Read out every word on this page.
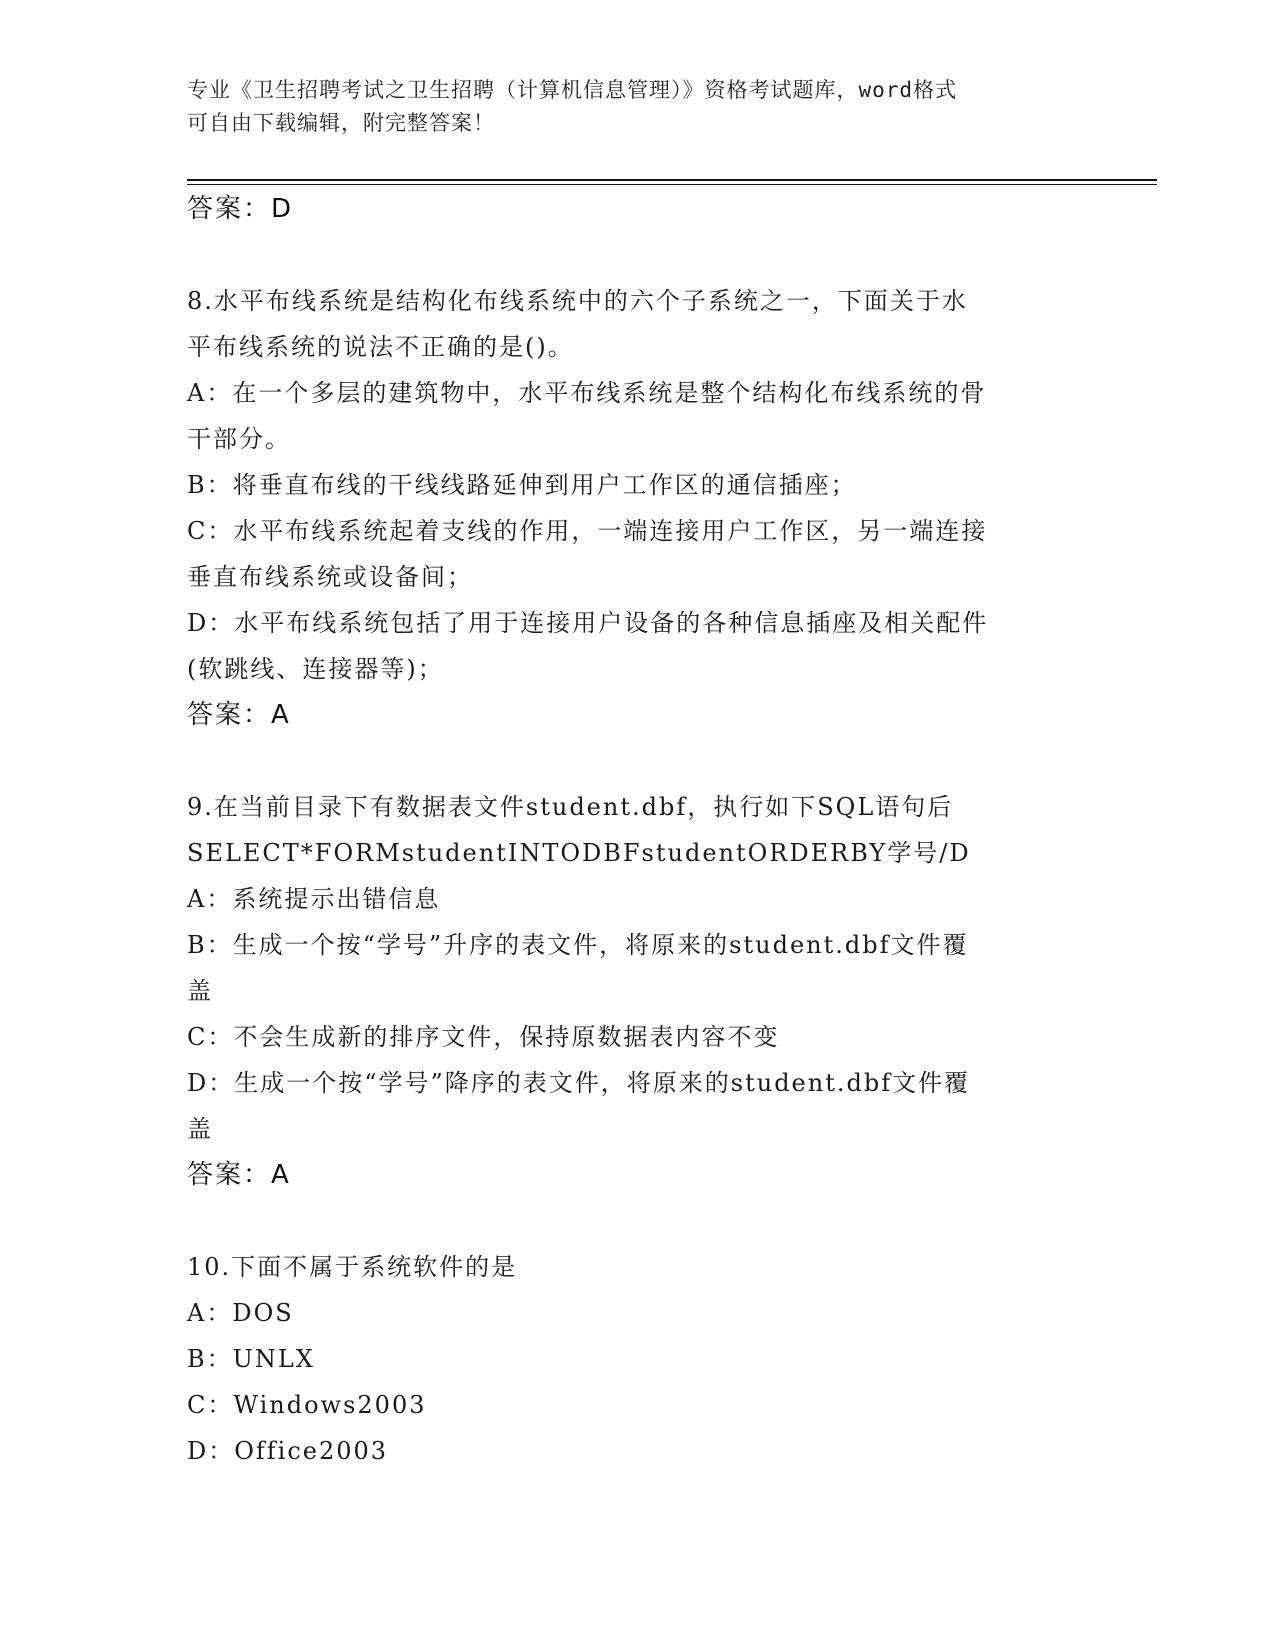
专业《卫生招聘考试之卫生招聘（计算机信息管理）》资格考试题库，word格式
可自由下载编辑，附完整答案！
答案：D
8.水平布线系统是结构化布线系统中的六个子系统之一，下面关于水
平布线系统的说法不正确的是()。
A：在一个多层的建筑物中，水平布线系统是整个结构化布线系统的骨
干部分。
B：将垂直布线的干线线路延伸到用户工作区的通信插座；
C：水平布线系统起着支线的作用，一端连接用户工作区，另一端连接
垂直布线系统或设备间；
D：水平布线系统包括了用于连接用户设备的各种信息插座及相关配件
(软跳线、连接器等)；
答案：A
9.在当前目录下有数据表文件student.dbf，执行如下SQL语句后
SELECT*FORMstudentINTODBFstudentORDERBY学号/D
A：系统提示出错信息
B：生成一个按“学号”升序的表文件，将原来的student.dbf文件覆
盖
C：不会生成新的排序文件，保持原数据表内容不变
D：生成一个按“学号”降序的表文件，将原来的student.dbf文件覆
盖
答案：A
10.下面不属于系统软件的是
A：DOS
B：UNLX
C：Windows2003
D：Office2003
